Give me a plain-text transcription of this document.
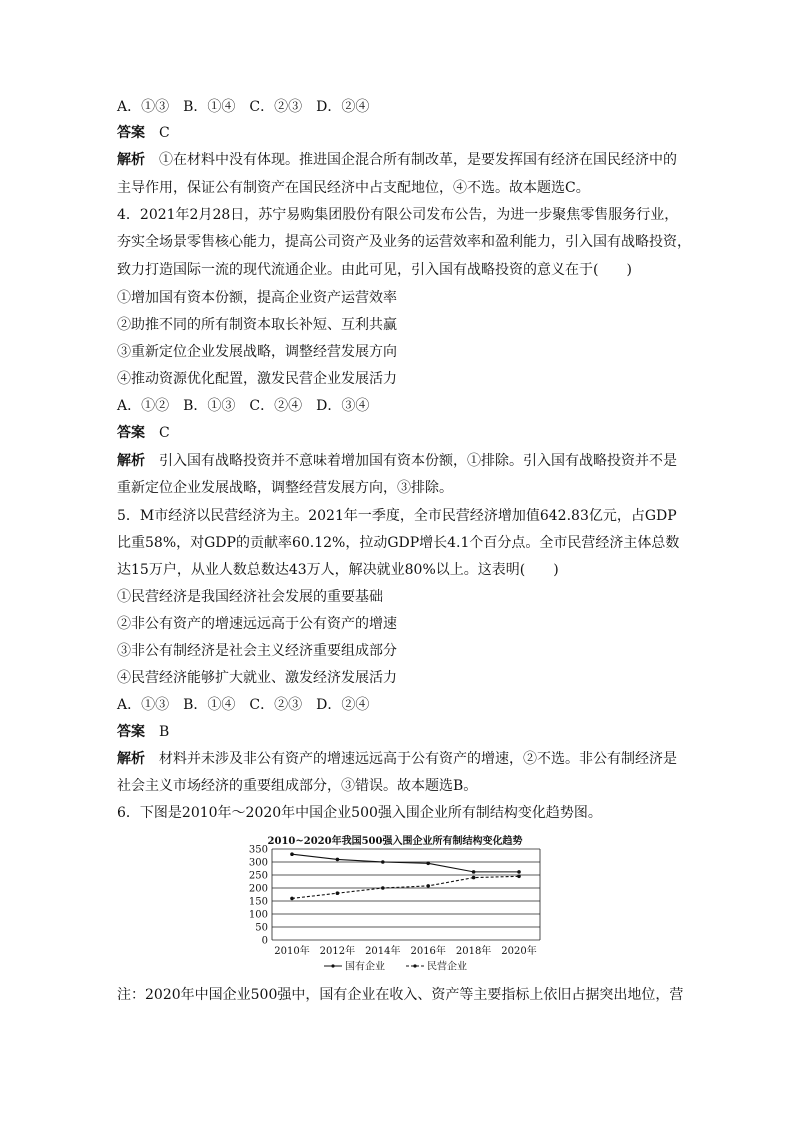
A．①③　B．①④　C．②③　D．②④
答案 C
解析 ①在材料中没有体现。推进国企混合所有制改革，是要发挥国有经济在国民经济中的
主导作用，保证公有制资产在国民经济中占支配地位，④不选。故本题选C。
4．2021年2月28日，苏宁易购集团股份有限公司发布公告，为进一步聚焦零售服务行业，
夯实全场景零售核心能力，提高公司资产及业务的运营效率和盈利能力，引入国有战略投资，
致力打造国际一流的现代流通企业。由此可见，引入国有战略投资的意义在于(　　)
①增加国有资本份额，提高企业资产运营效率
②助推不同的所有制资本取长补短、互利共赢
③重新定位企业发展战略，调整经营发展方向
④推动资源优化配置，激发民营企业发展活力
A．①②　B．①③　C．②④　D．③④
答案 C
解析 引入国有战略投资并不意味着增加国有资本份额，①排除。引入国有战略投资并不是
重新定位企业发展战略，调整经营发展方向，③排除。
5．M市经济以民营经济为主。2021年一季度，全市民营经济增加值642.83亿元，占GDP
比重58%，对GDP的贡献率60.12%，拉动GDP增长4.1个百分点。全市民营经济主体总数
达15万户，从业人数总数达43万人，解决就业80%以上。这表明(　　)
①民营经济是我国经济社会发展的重要基础
②非公有资产的增速远远高于公有资产的增速
③非公有制经济是社会主义经济重要组成部分
④民营经济能够扩大就业、激发经济发展活力
A．①③　B．①④　C．②③　D．②④
答案 B
解析 材料并未涉及非公有资产的增速远远高于公有资产的增速，②不选。非公有制经济是
社会主义市场经济的重要组成部分，③错误。故本题选B。
6．下图是2010年～2020年中国企业500强入围企业所有制结构变化趋势图。
2010~2020年我国500强入围企业所有制结构变化趋势
0
50
100
150
200
250
300
350
2010年 2012年 2014年 2016年 2018年 2020年
国有企业	民营企业
注：2020年中国企业500强中，国有企业在收入、资产等主要指标上依旧占据突出地位，营
